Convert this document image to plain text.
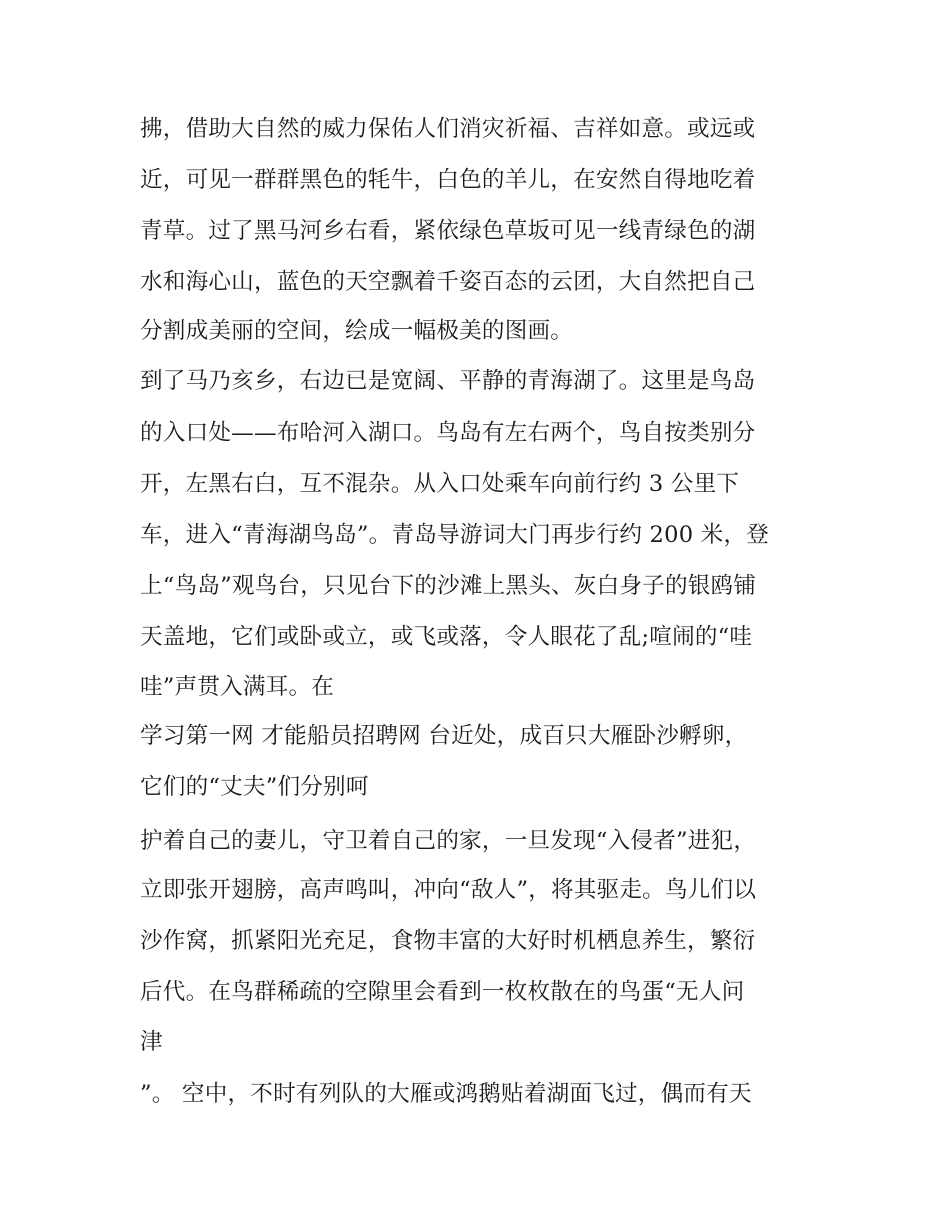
拂，借助大自然的威力保佑人们消灾祈福、吉祥如意。或远或
近，可见一群群黑色的牦牛，白色的羊儿，在安然自得地吃着
青草。过了黑马河乡右看，紧依绿色草坂可见一线青绿色的湖
水和海心山，蓝色的天空飘着千姿百态的云团，大自然把自己
分割成美丽的空间，绘成一幅极美的图画。
到了马乃亥乡，右边已是宽阔、平静的青海湖了。这里是鸟岛
的入口处——布哈河入湖口。鸟岛有左右两个，鸟自按类别分
开，左黑右白，互不混杂。从入口处乘车向前行约 3 公里下
车，进入“青海湖鸟岛”。青岛导游词大门再步行约 200 米，登
上“鸟岛”观鸟台，只见台下的沙滩上黑头、灰白身子的银鸥铺
天盖地，它们或卧或立，或飞或落，令人眼花了乱;喧闹的“哇
哇”声贯入满耳。在
学习第一网 才能船员招聘网 台近处，成百只大雁卧沙孵卵，
它们的“丈夫”们分别呵
护着自己的妻儿，守卫着自己的家，一旦发现“入侵者”进犯，
立即张开翅膀，高声鸣叫，冲向“敌人”，将其驱走。鸟儿们以
沙作窝，抓紧阳光充足，食物丰富的大好时机栖息养生，繁衍
后代。在鸟群稀疏的空隙里会看到一枚枚散在的鸟蛋“无人问
津
”。 空中，不时有列队的大雁或鸿鹅贴着湖面飞过，偶而有天
